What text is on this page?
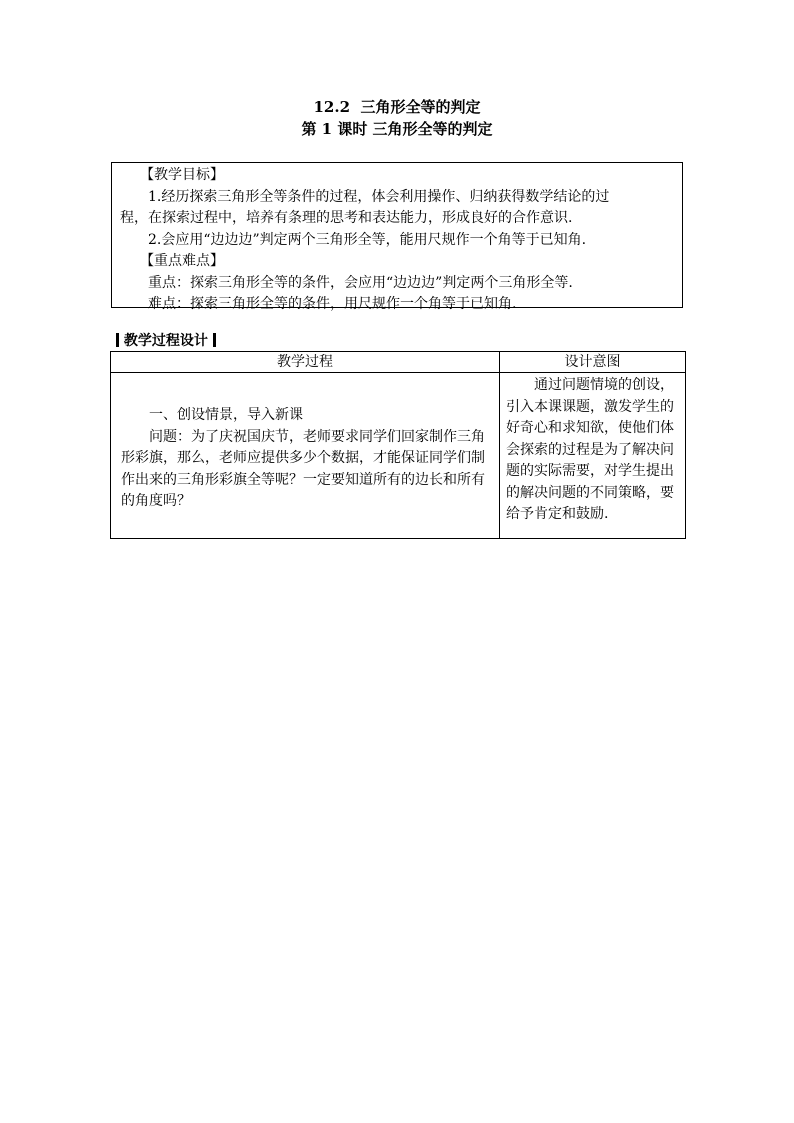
12.2  三角形全等的判定
第 1 课时 三角形全等的判定
【教学目标】
1.经历探索三角形全等条件的过程，体会利用操作、归纳获得数学结论的过
程，在探索过程中，培养有条理的思考和表达能力，形成良好的合作意识.
2.会应用“边边边”判定两个三角形全等，能用尺规作一个角等于已知角.
【重点难点】
重点：探索三角形全等的条件，会应用“边边边”判定两个三角形全等.
难点：探索三角形全等的条件，用尺规作一个角等于已知角.
教学过程设计
教学过程	设计意图

一、创设情景，导入新课
问题：为了庆祝国庆节，老师要求同学们回家制作三角形彩旗，那么，老师应提供多少个数据，才能保证同学们制作出来的三角形彩旗全等呢？一定要知道所有的边长和所有的角度吗？	通过问题情境的创设，引入本课课题，激发学生的好奇心和求知欲，使他们体会探索的过程是为了解决问题的实际需要，对学生提出的解决问题的不同策略，要给予肯定和鼓励.
